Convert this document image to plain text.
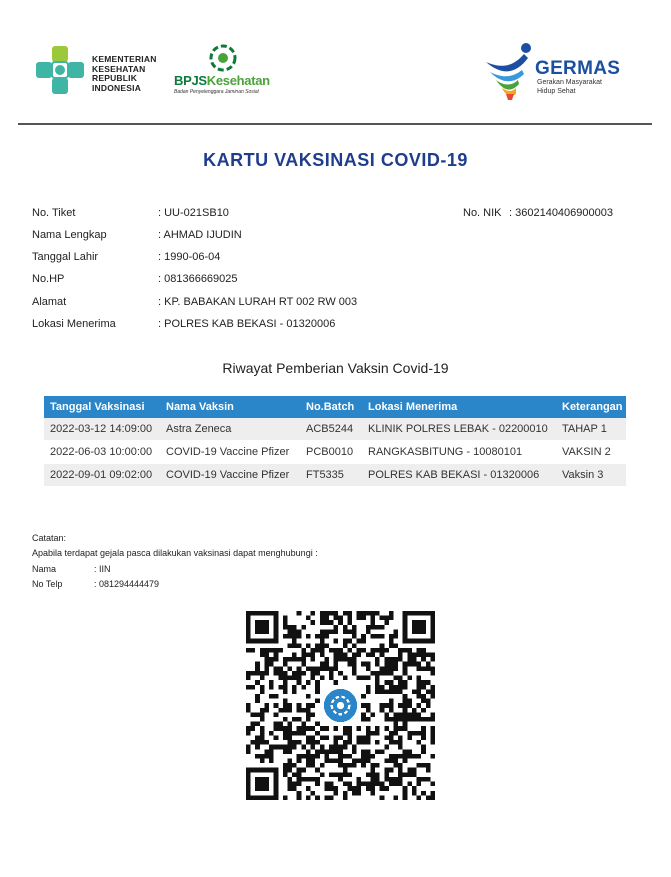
KEMENTERIAN
KESEHATAN
REPUBLIK
INDONESIA	BPJSKesehatan
Badan Penyelenggara Jaminan Sosial
GERMAS
Gerakan Masyarakat
Hidup Sehat
KARTU VAKSINASI COVID-19
No. Tiket	: UU-021SB10	No. NIK : 3602140406900003
Nama Lengkap	: AHMAD IJUDIN
Tanggal Lahir	: 1990-06-04
No.HP	: 081366669025
Alamat	: KP. BABAKAN LURAH RT 002 RW 003
Lokasi Menerima	: POLRES KAB BEKASI - 01320006
Riwayat Pemberian Vaksin Covid-19
Tanggal Vaksinasi	Nama Vaksin	No.Batch	Lokasi Menerima	Keterangan
2022-03-12 14:09:00	Astra Zeneca	ACB5244	KLINIK POLRES LEBAK - 02200010	TAHAP 1
2022-06-03 10:00:00	COVID-19 Vaccine Pfizer	PCB0010	RANGKASBITUNG - 10080101	VAKSIN 2
2022-09-01 09:02:00	COVID-19 Vaccine Pfizer	FT5335	POLRES KAB BEKASI - 01320006	Vaksin 3
Catatan:
Apabila terdapat gejala pasca dilakukan vaksinasi dapat menghubungi :
Nama	: IIN
No Telp	: 081294444479
